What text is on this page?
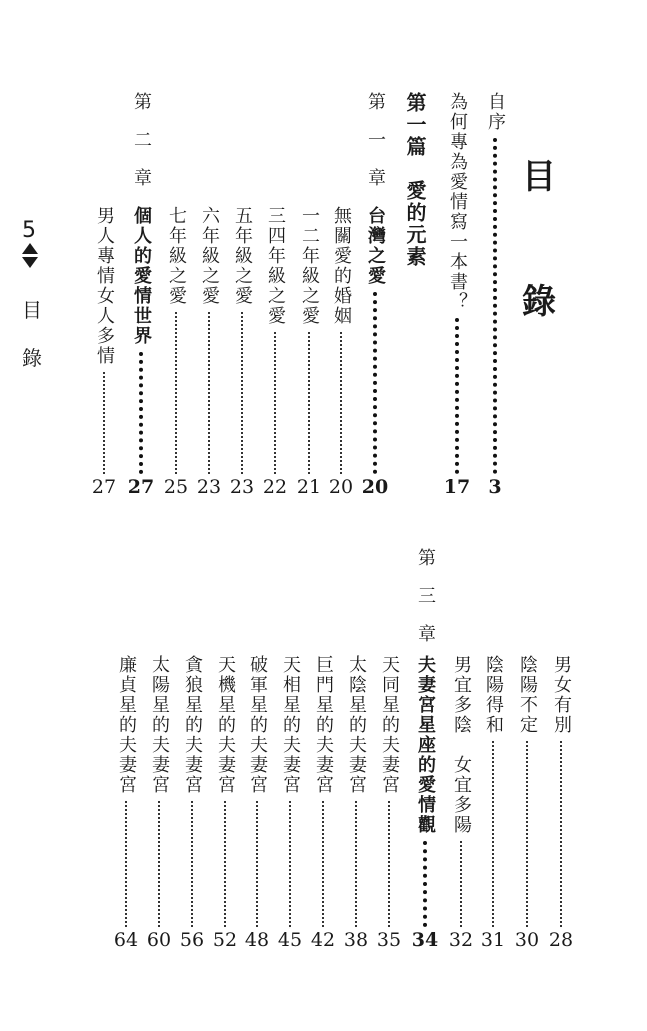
目
錄
5
目
錄
自序
3
為何專為愛情寫一本書？
17
第一篇　愛的元素
第一章
台灣之愛
20
無關愛的婚姻
20
一二年級之愛
21
三四年級之愛
22
五年級之愛
23
六年級之愛
23
七年級之愛
25
第二章
個人的愛情世界
27
男人專情女人多情
27
男女有別
28
陰陽不定
30
陰陽得和
31
男宜多陰　女宜多陽
32
第三章
夫妻宮星座的愛情觀
34
天同星的夫妻宮
35
太陰星的夫妻宮
38
巨門星的夫妻宮
42
天相星的夫妻宮
45
破軍星的夫妻宮
48
天機星的夫妻宮
52
貪狼星的夫妻宮
56
太陽星的夫妻宮
60
廉貞星的夫妻宮
64
